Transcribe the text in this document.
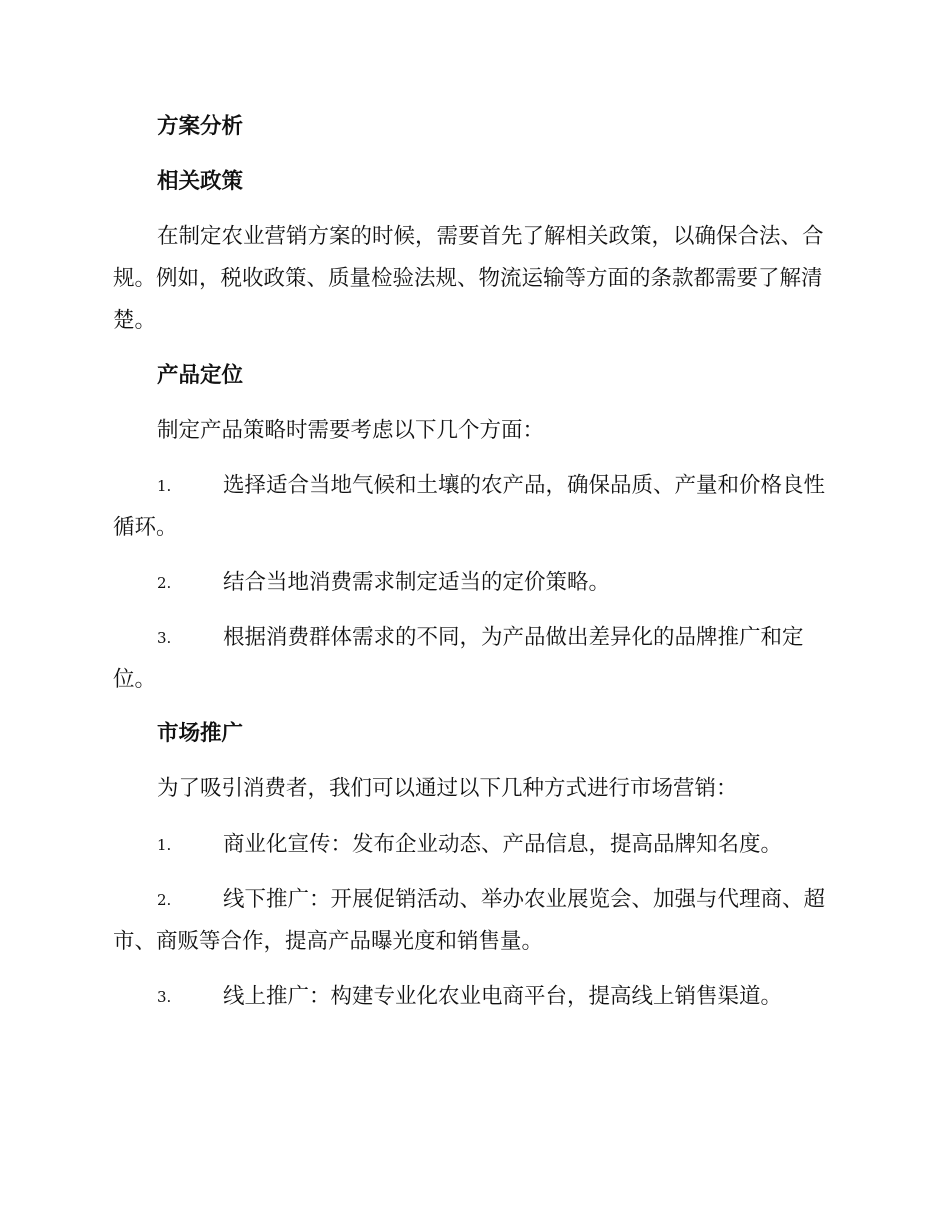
方案分析
相关政策
在制定农业营销方案的时候，需要首先了解相关政策，以确保合法、合
规。例如，税收政策、质量检验法规、物流运输等方面的条款都需要了解清
楚。
产品定位
制定产品策略时需要考虑以下几个方面：
1. 选择适合当地气候和土壤的农产品，确保品质、产量和价格良性
循环。
2. 结合当地消费需求制定适当的定价策略。
3. 根据消费群体需求的不同，为产品做出差异化的品牌推广和定
位。
市场推广
为了吸引消费者，我们可以通过以下几种方式进行市场营销：
1. 商业化宣传：发布企业动态、产品信息，提高品牌知名度。
2. 线下推广：开展促销活动、举办农业展览会、加强与代理商、超
市、商贩等合作，提高产品曝光度和销售量。
3. 线上推广：构建专业化农业电商平台，提高线上销售渠道。
